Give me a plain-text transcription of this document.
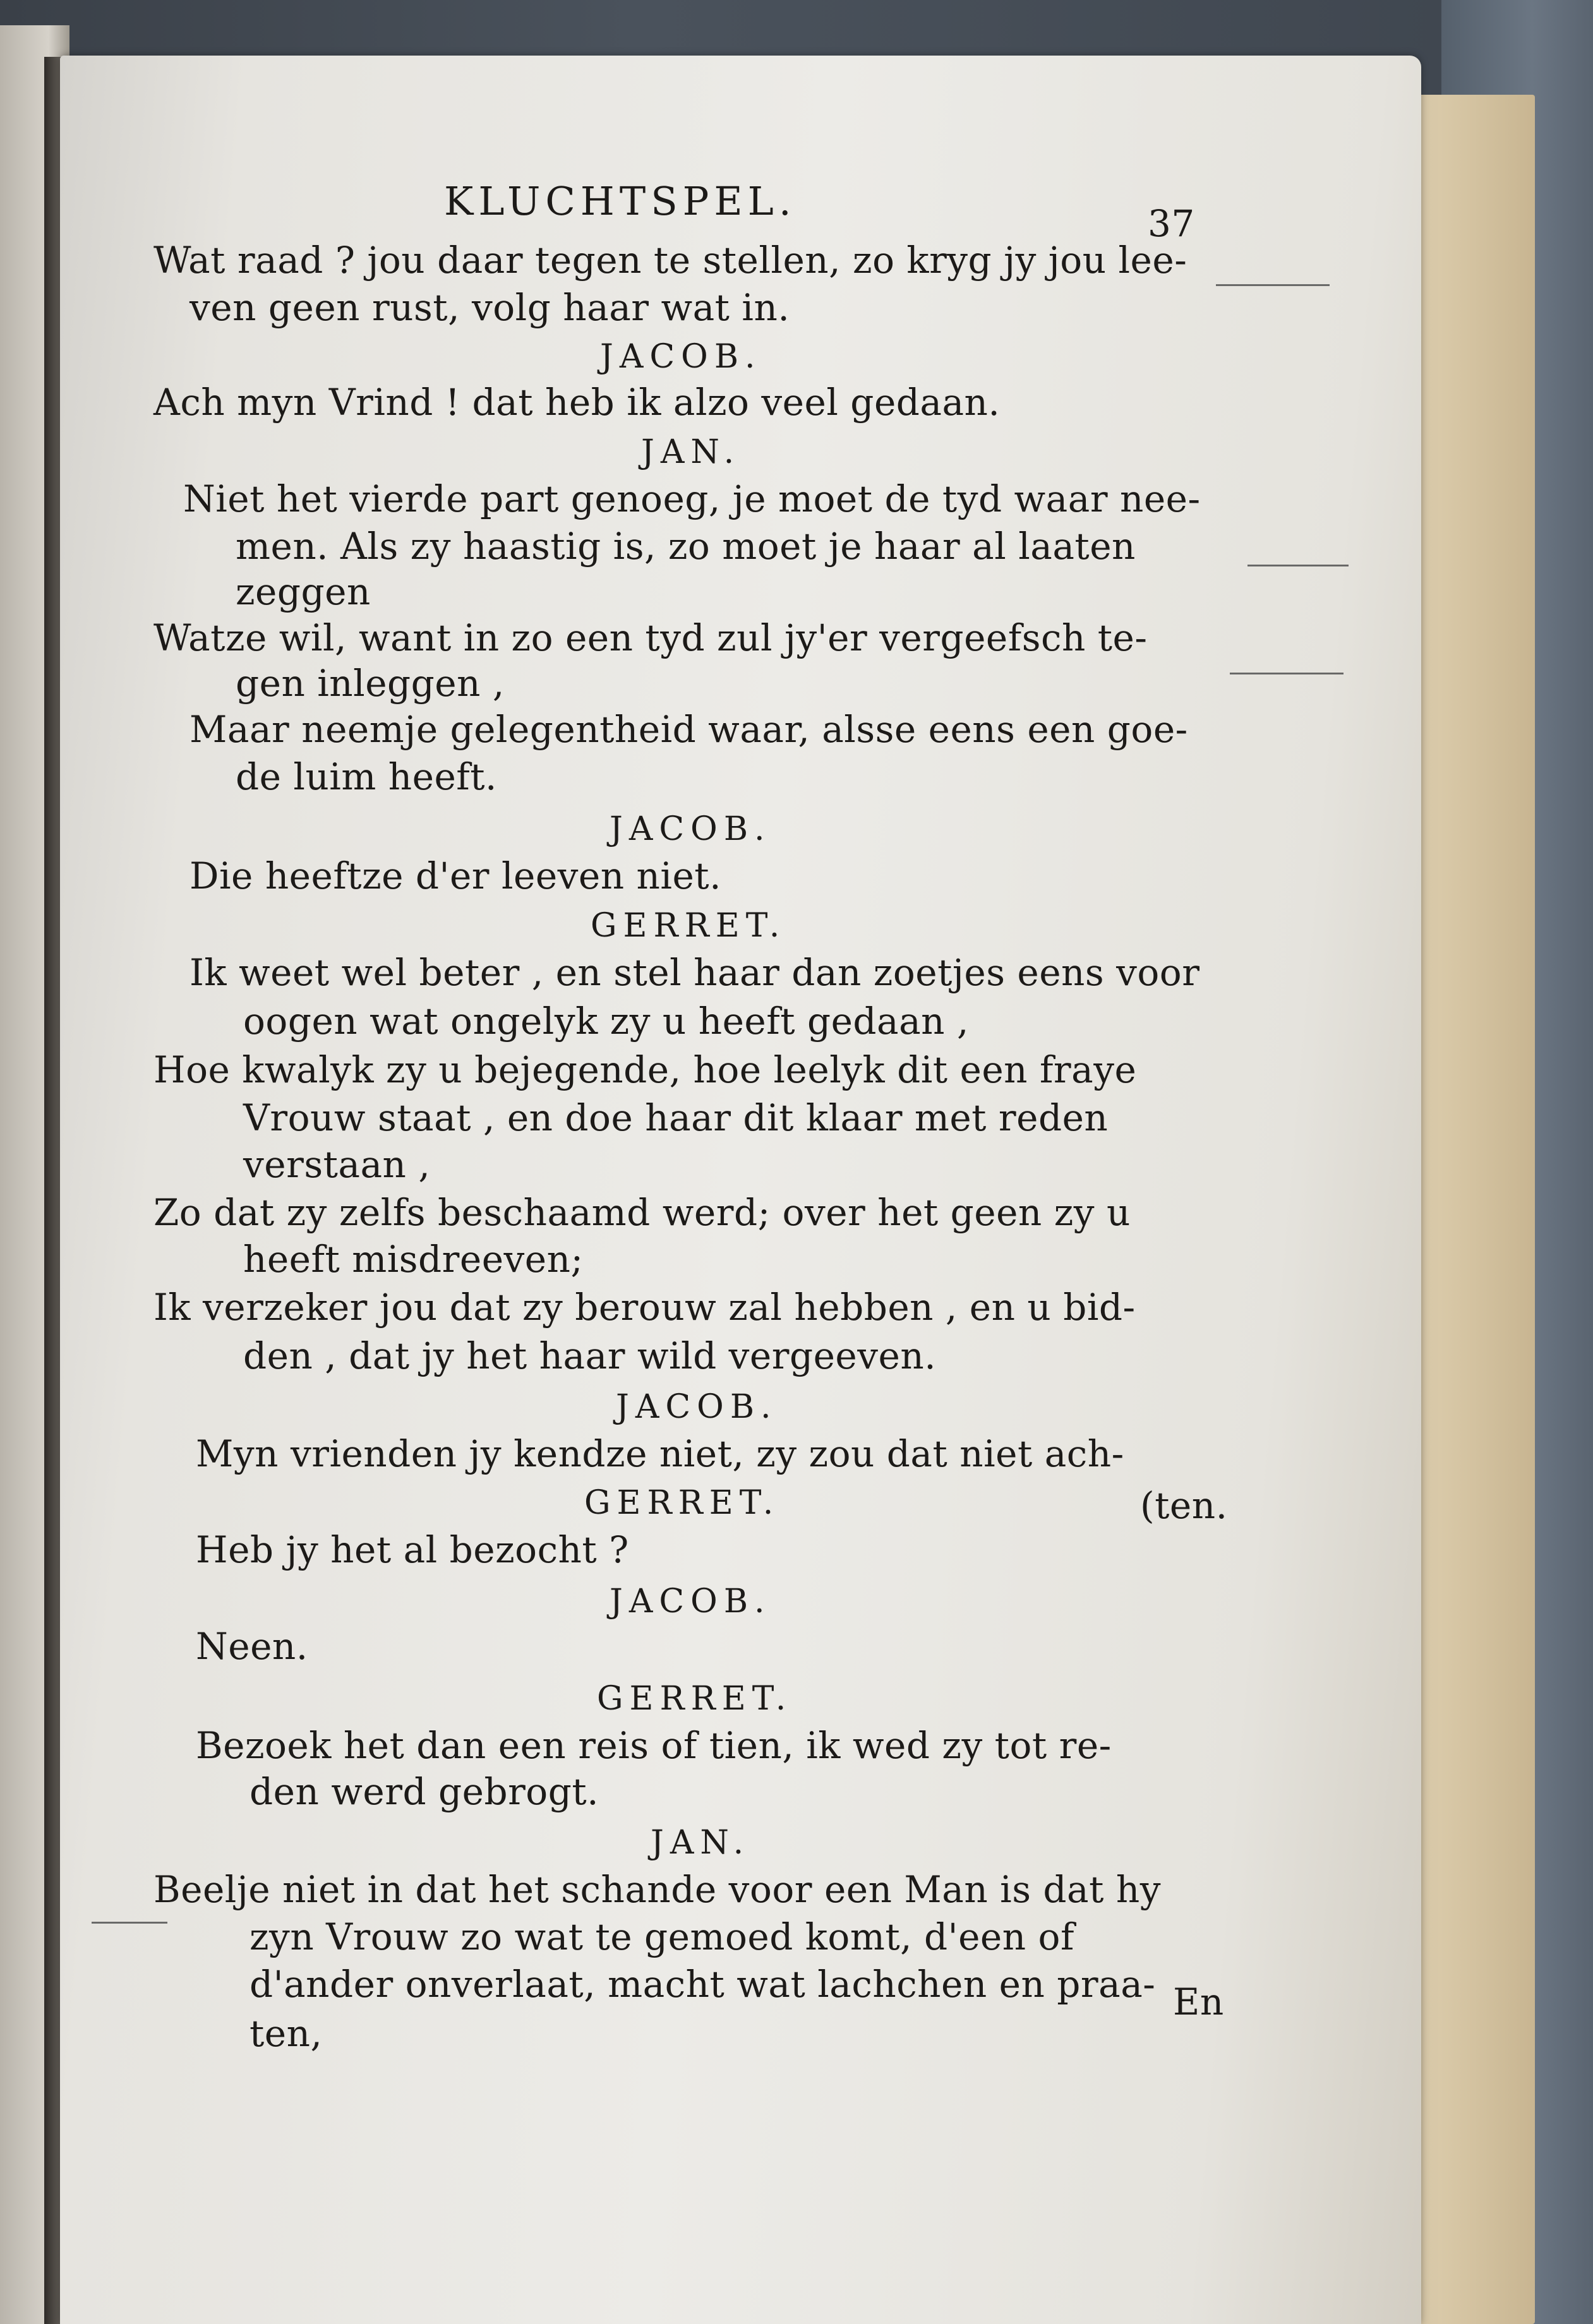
KLUCHTSPEL.	37
Wat raad ? jou daar tegen te stellen, zo kryg jy jou lee-
ven geen rust, volg haar wat in.
JACOB.
Ach myn Vrind ! dat heb ik alzo veel gedaan.
JAN.
Niet het vierde part genoeg, je moet de tyd waar nee-
men. Als zy haastig is, zo moet je haar al laaten
zeggen
Watze wil, want in zo een tyd zul jy'er vergeefsch te-
gen inleggen ,
Maar neemje gelegentheid waar, alsse eens een goe-
de luim heeft.
JACOB.
Die heeftze d'er leeven niet.
GERRET.
Ik weet wel beter , en stel haar dan zoetjes eens voor
oogen wat ongelyk zy u heeft gedaan ,
Hoe kwalyk zy u bejegende, hoe leelyk dit een fraye
Vrouw staat , en doe haar dit klaar met reden
verstaan ,
Zo dat zy zelfs beschaamd werd; over het geen zy u
heeft misdreeven;
Ik verzeker jou dat zy berouw zal hebben , en u bid-
den , dat jy het haar wild vergeeven.
JACOB.
Myn vrienden jy kendze niet, zy zou dat niet ach-
GERRET.	(ten.
Heb jy het al bezocht ?
JACOB.
Neen.
GERRET.
Bezoek het dan een reis of tien, ik wed zy tot re-
den werd gebrogt.
JAN.
Beelje niet in dat het schande voor een Man is dat hy
zyn Vrouw zo wat te gemoed komt, d'een of
d'ander onverlaat, macht wat lachchen en praa-
ten,
En
